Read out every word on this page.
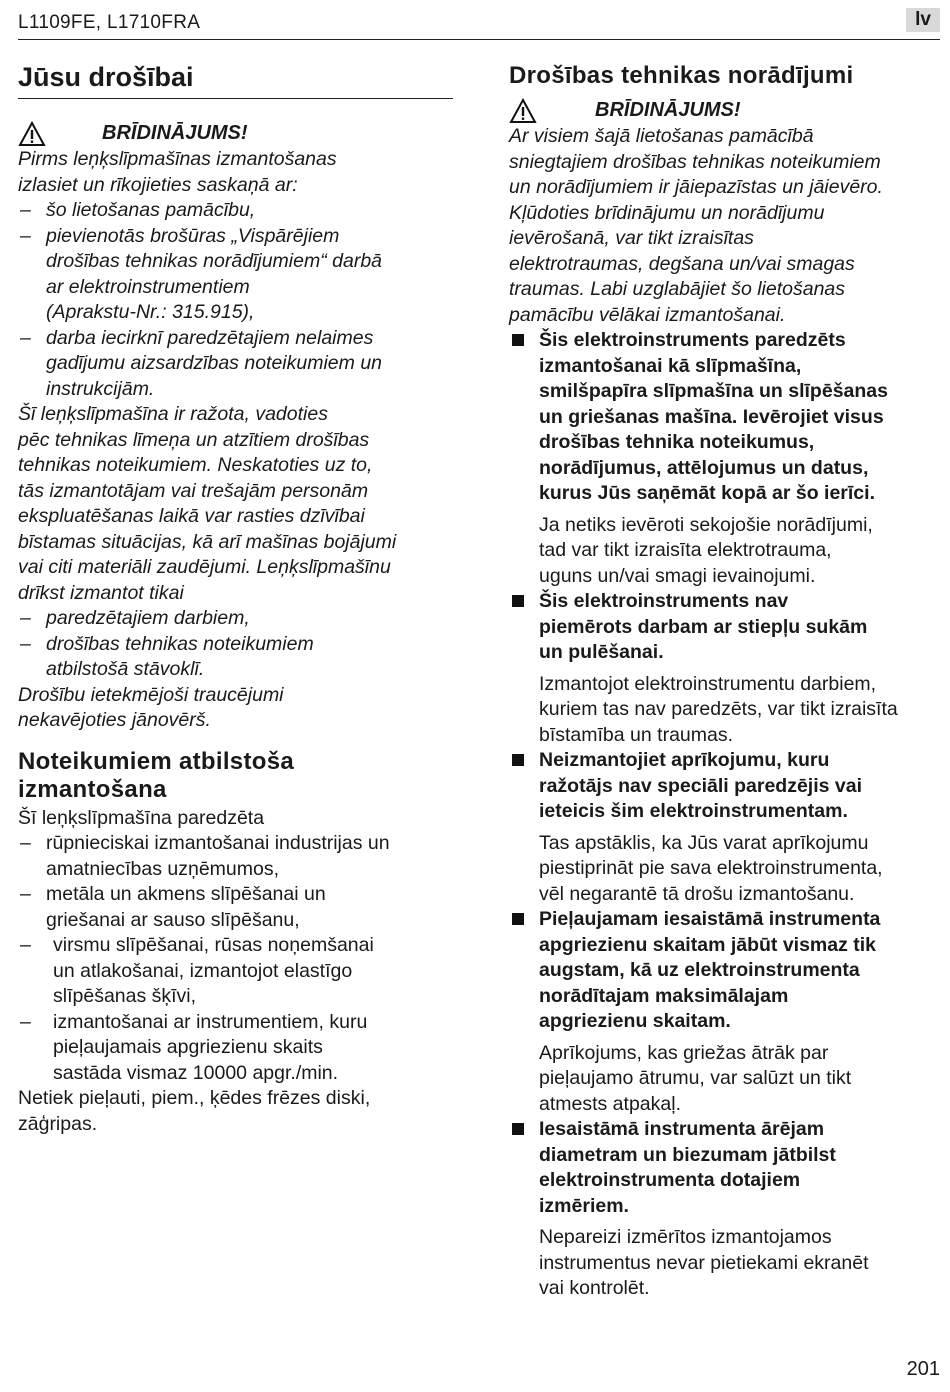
L1109FE, L1710FRA	lv
Jūsu drošībai
BRĪDINĀJUMS!
Pirms leņķslīpmašīnas izmantošanas
izlasiet un rīkojieties saskaņā ar:
– šo lietošanas pamācību,
– pievienotās brošūras „Vispārējiem
drošības tehnikas norādījumiem“ darbā
ar elektroinstrumentiem
(Aprakstu-Nr.: 315.915),
– darba iecirknī paredzētajiem nelaimes
gadījumu aizsardzības noteikumiem un
instrukcijām.
Šī leņķslīpmašīna ir ražota, vadoties
pēc tehnikas līmeņa un atzītiem drošības
tehnikas noteikumiem. Neskatoties uz to,
tās izmantotājam vai trešajām personām
ekspluatēšanas laikā var rasties dzīvībai
bīstamas situācijas, kā arī mašīnas bojājumi
vai citi materiāli zaudējumi. Leņķslīpmašīnu
drīkst izmantot tikai
– paredzētajiem darbiem,
– drošības tehnikas noteikumiem
atbilstošā stāvoklī.
Drošību ietekmējoši traucējumi
nekavējoties jānovērš.
Noteikumiem atbilstoša
izmantošana
Šī leņķslīpmašīna paredzēta
– rūpnieciskai izmantošanai industrijas un
amatniecības uzņēmumos,
– metāla un akmens slīpēšanai un
griešanai ar sauso slīpēšanu,
– virsmu slīpēšanai, rūsas noņemšanai
un atlakošanai, izmantojot elastīgo
slīpēšanas šķīvi,
– izmantošanai ar instrumentiem, kuru
pieļaujamais apgriezienu skaits
sastāda vismaz 10000 apgr./min.
Netiek pieļauti, piem., ķēdes frēzes diski,
zāģripas.
Drošības tehnikas norādījumi
BRĪDINĀJUMS!
Ar visiem šajā lietošanas pamācībā
sniegtajiem drošības tehnikas noteikumiem
un norādījumiem ir jāiepazīstas un jāievēro.
Kļūdoties brīdinājumu un norādījumu
ievērošanā, var tikt izraisītas
elektrotraumas, degšana un/vai smagas
traumas. Labi uzglabājiet šo lietošanas
pamācību vēlākai izmantošanai.
Šis elektroinstruments paredzēts
izmantošanai kā slīpmašīna,
smilšpapīra slīpmašīna un slīpēšanas
un griešanas mašīna. Ievērojiet visus
drošības tehnika noteikumus,
norādījumus, attēlojumus un datus,
kurus Jūs saņēmāt kopā ar šo ierīci.
Ja netiks ievēroti sekojošie norādījumi,
tad var tikt izraisīta elektrotrauma,
uguns un/vai smagi ievainojumi.
Šis elektroinstruments nav
piemērots darbam ar stiepļu sukām
un pulēšanai.
Izmantojot elektroinstrumentu darbiem,
kuriem tas nav paredzēts, var tikt izraisīta
bīstamība un traumas.
Neizmantojiet aprīkojumu, kuru
ražotājs nav speciāli paredzējis vai
ieteicis šim elektroinstrumentam.
Tas apstāklis, ka Jūs varat aprīkojumu
piestiprināt pie sava elektroinstrumenta,
vēl negarantē tā drošu izmantošanu.
Pieļaujamam iesaistāmā instrumenta
apgriezienu skaitam jābūt vismaz tik
augstam, kā uz elektroinstrumenta
norādītajam maksimālajam
apgriezienu skaitam.
Aprīkojums, kas griežas ātrāk par
pieļaujamo ātrumu, var salūzt un tikt
atmests atpakaļ.
Iesaistāmā instrumenta ārējam
diametram un biezumam jātbilst
elektroinstrumenta dotajiem
izmēriem.
Nepareizi izmērītos izmantojamos
instrumentus nevar pietiekami ekranēt
vai kontrolēt.
201
